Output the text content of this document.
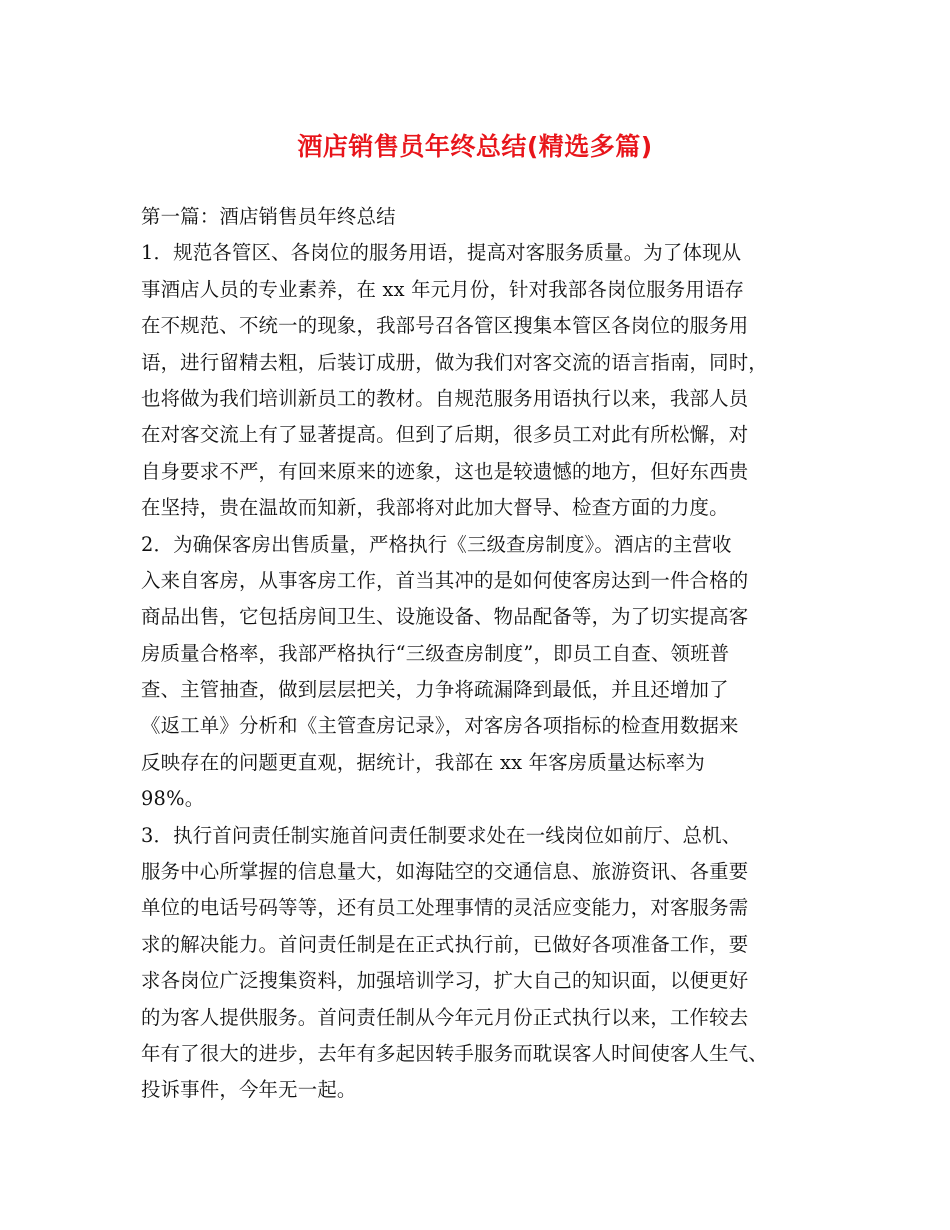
酒店销售员年终总结(精选多篇)
第一篇：酒店销售员年终总结
1．规范各管区、各岗位的服务用语，提高对客服务质量。为了体现从
事酒店人员的专业素养，在 xx 年元月份，针对我部各岗位服务用语存
在不规范、不统一的现象，我部号召各管区搜集本管区各岗位的服务用
语，进行留精去粗，后装订成册，做为我们对客交流的语言指南，同时，
也将做为我们培训新员工的教材。自规范服务用语执行以来，我部人员
在对客交流上有了显著提高。但到了后期，很多员工对此有所松懈，对
自身要求不严，有回来原来的迹象，这也是较遗憾的地方，但好东西贵
在坚持，贵在温故而知新，我部将对此加大督导、检查方面的力度。
2．为确保客房出售质量，严格执行《三级查房制度》。酒店的主营收
入来自客房，从事客房工作，首当其冲的是如何使客房达到一件合格的
商品出售，它包括房间卫生、设施设备、物品配备等，为了切实提高客
房质量合格率，我部严格执行“三级查房制度”，即员工自查、领班普
查、主管抽查，做到层层把关，力争将疏漏降到最低，并且还增加了
《返工单》分析和《主管查房记录》，对客房各项指标的检查用数据来
反映存在的问题更直观，据统计，我部在 xx 年客房质量达标率为
98%。
3．执行首问责任制实施首问责任制要求处在一线岗位如前厅、总机、
服务中心所掌握的信息量大，如海陆空的交通信息、旅游资讯、各重要
单位的电话号码等等，还有员工处理事情的灵活应变能力，对客服务需
求的解决能力。首问责任制是在正式执行前，已做好各项准备工作，要
求各岗位广泛搜集资料，加强培训学习，扩大自己的知识面，以便更好
的为客人提供服务。首问责任制从今年元月份正式执行以来，工作较去
年有了很大的进步，去年有多起因转手服务而耽误客人时间使客人生气、
投诉事件，今年无一起。
